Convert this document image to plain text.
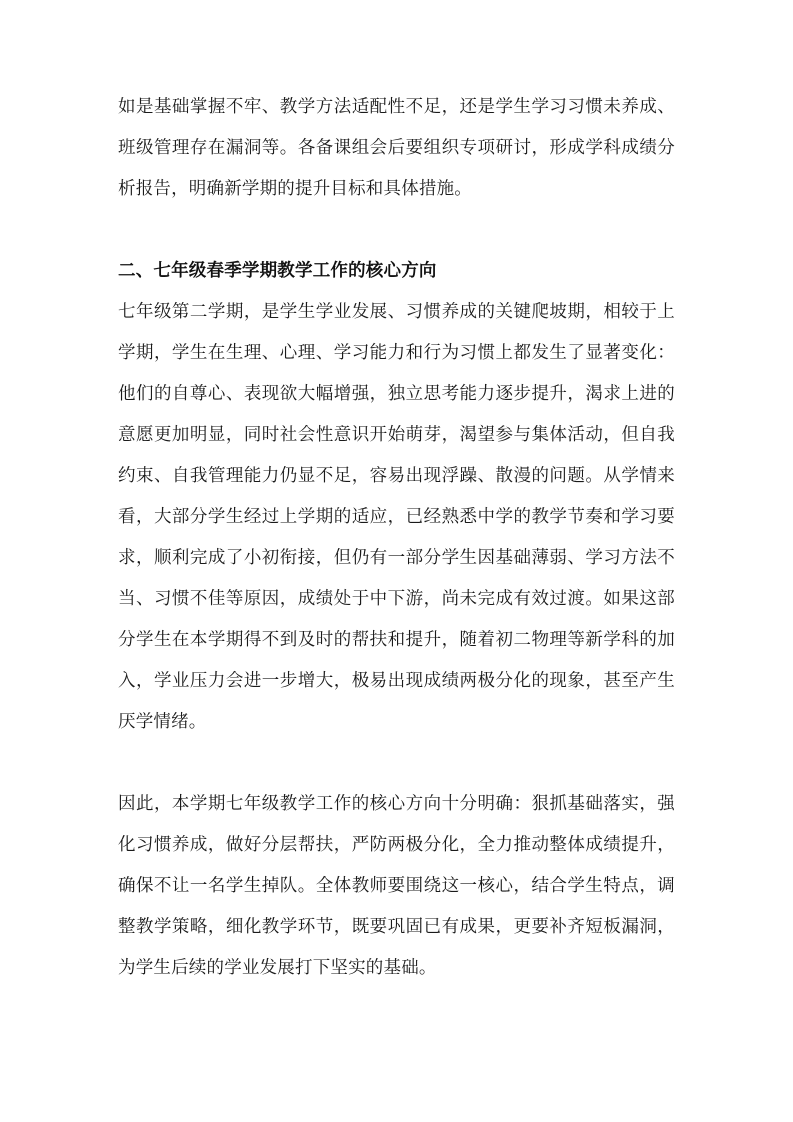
如是基础掌握不牢、教学方法适配性不足，还是学生学习习惯未养成、班级管理存在漏洞等。各备课组会后要组织专项研讨，形成学科成绩分析报告，明确新学期的提升目标和具体措施。

二、七年级春季学期教学工作的核心方向

七年级第二学期，是学生学业发展、习惯养成的关键爬坡期，相较于上学期，学生在生理、心理、学习能力和行为习惯上都发生了显著变化：他们的自尊心、表现欲大幅增强，独立思考能力逐步提升，渴求上进的意愿更加明显，同时社会性意识开始萌芽，渴望参与集体活动，但自我约束、自我管理能力仍显不足，容易出现浮躁、散漫的问题。从学情来看，大部分学生经过上学期的适应，已经熟悉中学的教学节奏和学习要求，顺利完成了小初衔接，但仍有一部分学生因基础薄弱、学习方法不当、习惯不佳等原因，成绩处于中下游，尚未完成有效过渡。如果这部分学生在本学期得不到及时的帮扶和提升，随着初二物理等新学科的加入，学业压力会进一步增大，极易出现成绩两极分化的现象，甚至产生厌学情绪。

因此，本学期七年级教学工作的核心方向十分明确：狠抓基础落实，强化习惯养成，做好分层帮扶，严防两极分化，全力推动整体成绩提升，确保不让一名学生掉队。全体教师要围绕这一核心，结合学生特点，调整教学策略，细化教学环节，既要巩固已有成果，更要补齐短板漏洞，为学生后续的学业发展打下坚实的基础。
